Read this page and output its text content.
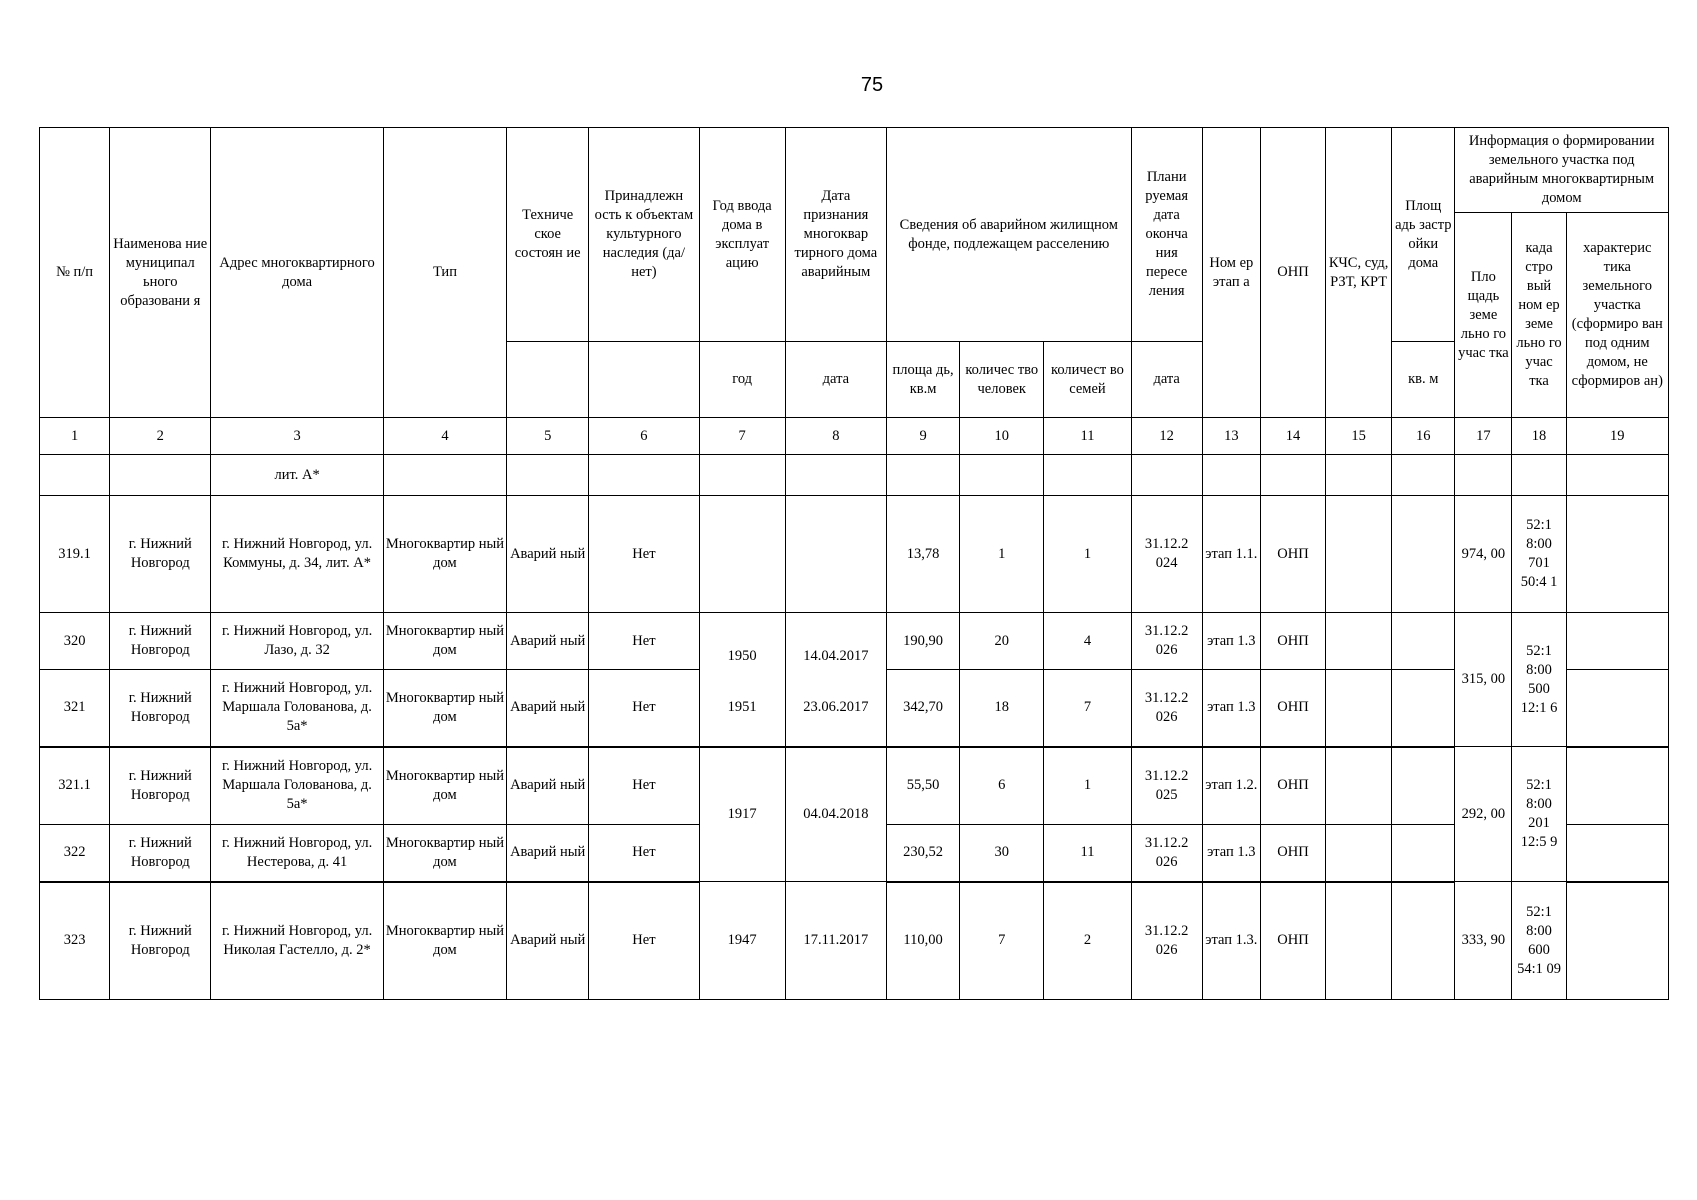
75
№ п/п	Наименова ние муниципал ьного образовани я	Адрес многоквартирного дома	Тип	Техниче ское состоян ие	Принадлежн ость к объектам культурного наследия (да/нет)	Год ввода дома в эксплуат ацию	Дата признания многоквар тирного дома аварийным	Сведения об аварийном жилищном фонде, подлежащем расселению			Плани руемая дата оконча ния пересе ления	Ном ер этап а	ОНП	КЧС, суд, РЗТ, КРТ	Площ адь застр ойки дома	Информация о формировании земельного участка под аварийным многоквартирным домом		
																Пло щадь земе льно го учас тка	када стро вый ном ер земе льно го учас тка	характерис тика земельного участка (сформиро ван под одним домом, не сформиров ан)
						год	дата	площа дь, кв.м	количес тво человек	количест во семей	дата				кв. м			
1	2	3	4	5	6	7	8	9	10	11	12	13	14	15	16	17	18	19
		лит. А*																
319.1	г. Нижний Новгород	г. Нижний Новгород, ул. Коммуны, д. 34, лит. А*	Многоквартир ный дом	Аварий ный	Нет			13,78	1	1	31.12.2 024	этап 1.1.	ОНП			974, 00	52:1 8:00 701 50:4 1	
320	г. Нижний Новгород	г. Нижний Новгород, ул. Лазо, д. 32	Многоквартир ный дом	Аварий ный	Нет	1950	14.04.2017	190,90	20	4	31.12.2 026	этап 1.3	ОНП			315, 00	52:1 8:00 500 12:1 6	
321	г. Нижний Новгород	г. Нижний Новгород, ул. Маршала Голованова, д. 5а*	Многоквартир ный дом	Аварий ный	Нет	1951	23.06.2017	342,70	18	7	31.12.2 026	этап 1.3	ОНП					
321.1	г. Нижний Новгород	г. Нижний Новгород, ул. Маршала Голованова, д. 5а*	Многоквартир ный дом	Аварий ный	Нет	1917	04.04.2018	55,50	6	1	31.12.2 025	этап 1.2.	ОНП			292, 00	52:1 8:00 201 12:5 9	
322	г. Нижний Новгород	г. Нижний Новгород, ул. Нестерова, д. 41	Многоквартир ный дом	Аварий ный	Нет			230,52	30	11	31.12.2 026	этап 1.3	ОНП					
323	г. Нижний Новгород	г. Нижний Новгород, ул. Николая Гастелло, д. 2*	Многоквартир ный дом	Аварий ный	Нет	1947	17.11.2017	110,00	7	2	31.12.2 026	этап 1.3.	ОНП			333, 90	52:1 8:00 600 54:1 09	
